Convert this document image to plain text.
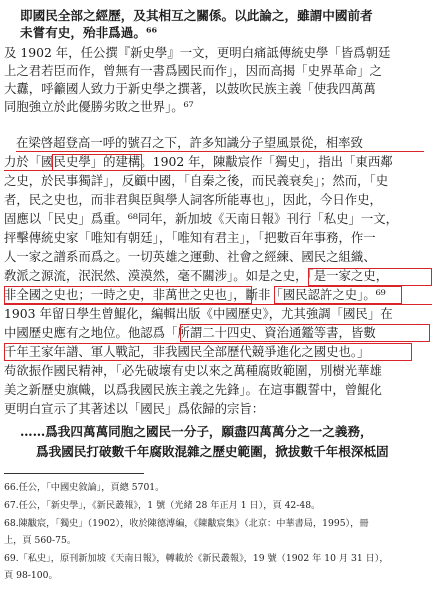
即國民全部之經歷，及其相互之關係。以此論之，雖謂中國前者
未嘗有史，殆非爲過。⁶⁶
及 1902 年，任公撰『新史學』一文，更明白痛詆傳統史學「皆爲朝廷
上之君若臣而作，曾無有一書爲國民而作」，因而高揭「史界革命」之
大纛，呼籲國人致力于新史學之撰著，以鼓吹民族主義「使我四萬萬
同胞強立於此優勝劣敗之世界」。⁶⁷
在梁啓超登高一呼的號召之下，許多知識分子望風景從，相率致
力於「國民史學」的建構。1902 年，陳黻宸作「獨史」，指出「東西鄰
之史，於民事獨詳」，反顧中國，「自秦之後，而民義衰矣」；然而，「史
者，民之史也，而非君與臣與學人詞客所能專也」，因此，今日作史，
固應以「民史」爲重。⁶⁸同年，新加坡《天南日報》刊行「私史」一文，
抨擊傳統史家「唯知有朝廷」，「唯知有君主」，「把數百年事務，作一
人一家之譜系而爲之。一切英雄之運動、社會之經練、國民之組織、
敎派之源流，泯泯然、漠漠然，毫不關涉」。如是之史，「是一家之史，
非全國之史也；一時之史，非萬世之史也」，斷非「國民認許之史」。⁶⁹
1903 年留日學生曾鯤化，編輯出版《中國歷史》，尤其強調「國民」在
中國歷史應有之地位。他認爲「所謂二十四史、資治通鑑等書，皆數
千年王家年譜、軍人戰記，非我國民全部歷代競爭進化之國史也。」
苟欲振作國民精神，「必先破壞有史以來之萬種腐敗範圍，別樹光華雄
美之新歷史旗幟，以爲我國民族主義之先鋒」。在這事觀誓中，曾鯤化
更明白宣示了其著述以「國民」爲依歸的宗旨：
……爲我四萬萬同胞之國民一分子，願盡四萬萬分之一之義務，
爲我國民打破數千年腐敗混雜之歷史範圍，掀拔數千年根深柢固
66.任公，「中國史敘論」，頁總 5701。
67.任公，「新史學」，《新民叢報》，1 號（光緒 28 年正月 1 日），頁 42-48。
68.陳黻宸，「獨史」（1902），收於陳德溥編，《陳黻宸集》（北京：中華書局，1995），冊
上，頁 560-75。
69.「私史」，原刊新加坡《天南日報》，轉載於《新民叢報》，19 號（1902 年 10 月 31 日），
頁 98-100。
